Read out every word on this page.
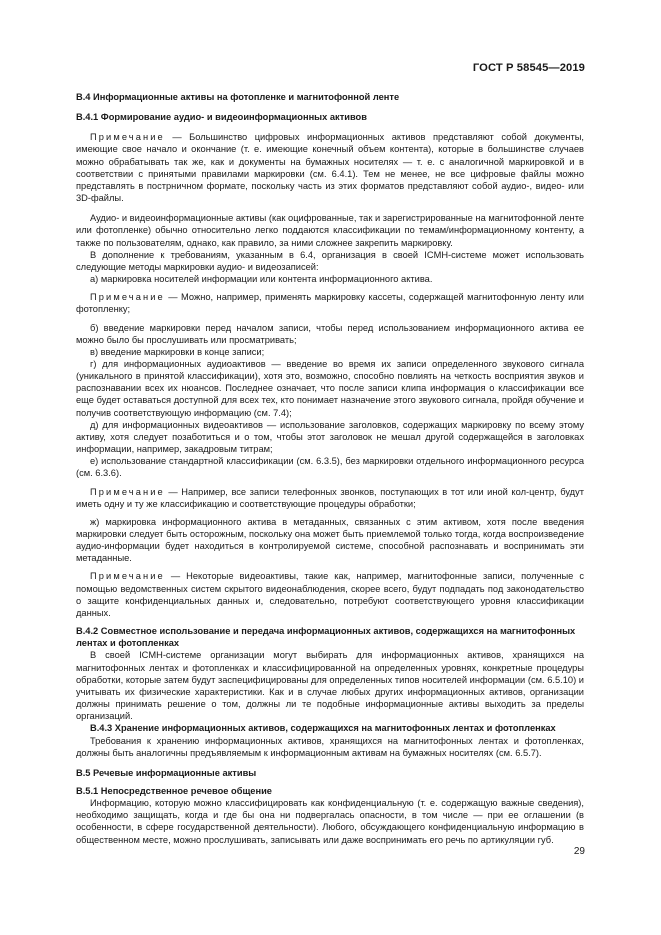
ГОСТ Р 58545—2019

B.4 Информационные активы на фотопленке и магнитофонной ленте

B.4.1 Формирование аудио- и видеоинформационных активов

Примечание — Большинство цифровых информационных активов представляют собой документы, имеющие свое начало и окончание (т. е. имеющие конечный объем контента), которые в большинстве случаев можно обрабатывать так же, как и документы на бумажных носителях — т. е. с аналогичной маркировкой и в соответствии с принятыми правилами маркировки (см. 6.4.1). Тем не менее, не все цифровые файлы можно представлять в пострничном формате, поскольку часть из этих форматов представляют собой аудио-, видео- или 3D-файлы.

Аудио- и видеоинформационные активы (как оцифрованные, так и зарегистрированные на магнитофонной ленте или фотопленке) обычно относительно легко поддаются классификации по темам/информационному контенту, а также по пользователям, однако, как правило, за ними сложнее закрепить маркировку.

В дополнение к требованиям, указанным в 6.4, организация в своей ICMH-системе может использовать следующие методы маркировки аудио- и видеозаписей:

а) маркировка носителей информации или контента информационного актива.

Примечание — Можно, например, применять маркировку кассеты, содержащей магнитофонную ленту или фотопленку;

б) введение маркировки перед началом записи, чтобы перед использованием информационного актива ее можно было бы прослушивать или просматривать;

в) введение маркировки в конце записи;

г) для информационных аудиоактивов — введение во время их записи определенного звукового сигнала (уникального в принятой классификации), хотя это, возможно, способно повлиять на четкость восприятия звуков и распознавании всех их нюансов. Последнее означает, что после записи клипа информация о классификации все еще будет оставаться доступной для всех тех, кто понимает назначение этого звукового сигнала, пройдя обучение и получив соответствующую информацию (см. 7.4);

д) для информационных видеоактивов — использование заголовков, содержащих маркировку по всему этому активу, хотя следует позаботиться и о том, чтобы этот заголовок не мешал другой содержащейся в заголовках информации, например, закадровым титрам;

е) использование стандартной классификации (см. 6.3.5), без маркировки отдельного информационного ресурса (см. 6.3.6).

Примечание — Например, все записи телефонных звонков, поступающих в тот или иной кол-центр, будут иметь одну и ту же классификацию и соответствующие процедуры обработки;

ж) маркировка информационного актива в метаданных, связанных с этим активом, хотя после введения маркировки следует быть осторожным, поскольку она может быть приемлемой только тогда, когда воспроизведение аудио-информации будет находиться в контролируемой системе, способной распознавать и воспринимать эти метаданные.

Примечание — Некоторые видеоактивы, такие как, например, магнитофонные записи, полученные с помощью ведомственных систем скрытого видеонаблюдения, скорее всего, будут подпадать под законодательство о защите конфиденциальных данных и, следовательно, потребуют соответствующего уровня классификации данных.

B.4.2 Совместное использование и передача информационных активов, содержащихся на магнитофонных лентах и фотопленках

В своей ICMH-системе организации могут выбирать для информационных активов, хранящихся на магнитофонных лентах и фотопленках и классифицированной на определенных уровнях, конкретные процедуры обработки, которые затем будут зaспецифицированы для определенных типов носителей информации (см. 6.5.10) и учитывать их физические характеристики. Как и в случае любых других информационных активов, организации должны принимать решение о том, должны ли те подобные информационные активы выходить за пределы организаций.

B.4.3 Хранение информационных активов, содержащихся на магнитофонных лентах и фотопленках

Требования к хранению информационных активов, хранящихся на магнитофонных лентах и фотопленках, должны быть аналогичны предъявляемым к информационным активам на бумажных носителях (см. 6.5.7).

B.5 Речевые информационные активы

B.5.1 Непосредственное речевое общение

Информацию, которую можно классифицировать как конфиденциальную (т. е. содержащую важные сведения), необходимо защищать, когда и где бы она ни подвергалась опасности, в том числе — при ее оглашении (в особенности, в сфере государственной деятельности). Любого, обсуждающего конфиденциальную информацию в общественном месте, можно прослушивать, записывать или даже воспринимать его речь по артикуляции губ.

29
